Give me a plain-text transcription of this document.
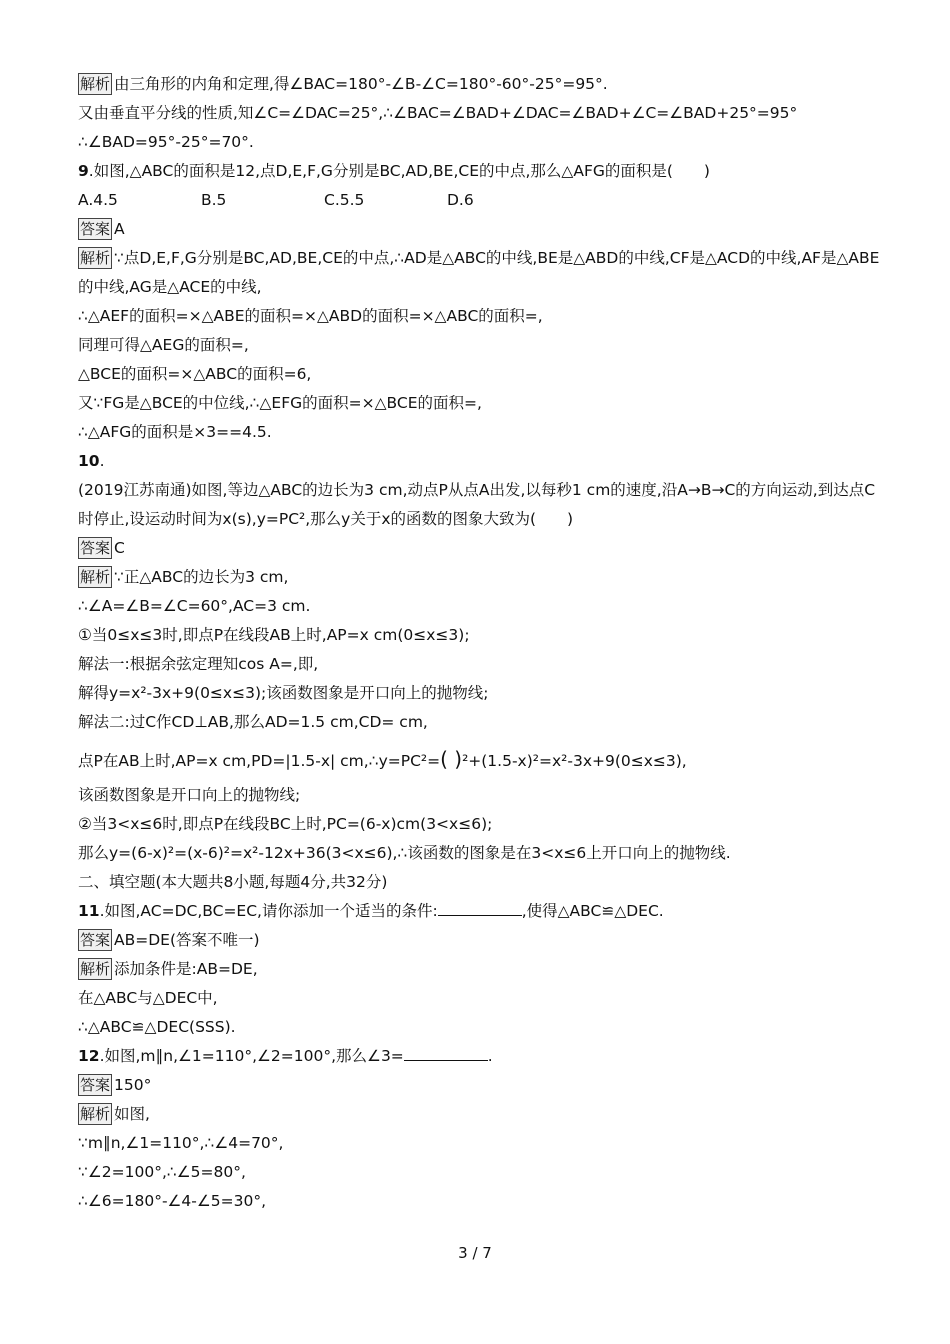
解析 由三角形的内角和定理,得∠BAC=180°-∠B-∠C=180°-60°-25°=95°.
又由垂直平分线的性质,知∠C=∠DAC=25°,∴∠BAC=∠BAD+∠DAC=∠BAD+∠C=∠BAD+25°=95°
∴∠BAD=95°-25°=70°.
9.如图,△ABC的面积是12,点D,E,F,G分别是BC,AD,BE,CE的中点,那么△AFG的面积是(　　)
A.4.5	B.5	C.5.5	D.6
答案 A
解析 ∵点D,E,F,G分别是BC,AD,BE,CE的中点,∴AD是△ABC的中线,BE是△ABD的中线,CF是△ACD的中线,AF是△ABE的中线,AG是△ACE的中线,
∴△AEF的面积=×△ABE的面积=×△ABD的面积=×△ABC的面积=,
同理可得△AEG的面积=,
△BCE的面积=×△ABC的面积=6,
又∵FG是△BCE的中位线,∴△EFG的面积=×△BCE的面积=,
∴△AFG的面积是×3==4.5.
10.
(2019江苏南通)如图,等边△ABC的边长为3 cm,动点P从点A出发,以每秒1 cm的速度,沿A→B→C的方向运动,到达点C时停止,设运动时间为x(s),y=PC²,那么y关于x的函数的图象大致为(　　)
答案 C
解析 ∵正△ABC的边长为3 cm,
∴∠A=∠B=∠C=60°,AC=3 cm.
①当0≤x≤3时,即点P在线段AB上时,AP=x cm(0≤x≤3);
解法一:根据余弦定理知cos A=,即,
解得y=x²-3x+9(0≤x≤3);该函数图象是开口向上的抛物线;
解法二:过C作CD⊥AB,那么AD=1.5 cm,CD= cm,
点P在AB上时,AP=x cm,PD=|1.5-x| cm,∴y=PC²=( )²+(1.5-x)²=x²-3x+9(0≤x≤3),
该函数图象是开口向上的抛物线;
②当3<x≤6时,即点P在线段BC上时,PC=(6-x)cm(3<x≤6);
那么y=(6-x)²=(x-6)²=x²-12x+36(3<x≤6),∴该函数的图象是在3<x≤6上开口向上的抛物线.
二、填空题(本大题共8小题,每题4分,共32分)
11.如图,AC=DC,BC=EC,请你添加一个适当的条件:	,使得△ABC≌△DEC.
答案 AB=DE(答案不唯一)
解析 添加条件是:AB=DE,
在△ABC与△DEC中,
∴△ABC≌△DEC(SSS).
12.如图,m∥n,∠1=110°,∠2=100°,那么∠3=	.
答案 150°
解析 如图,
∵m∥n,∠1=110°,∴∠4=70°,
∵∠2=100°,∴∠5=80°,
∴∠6=180°-∠4-∠5=30°,
3 / 7
